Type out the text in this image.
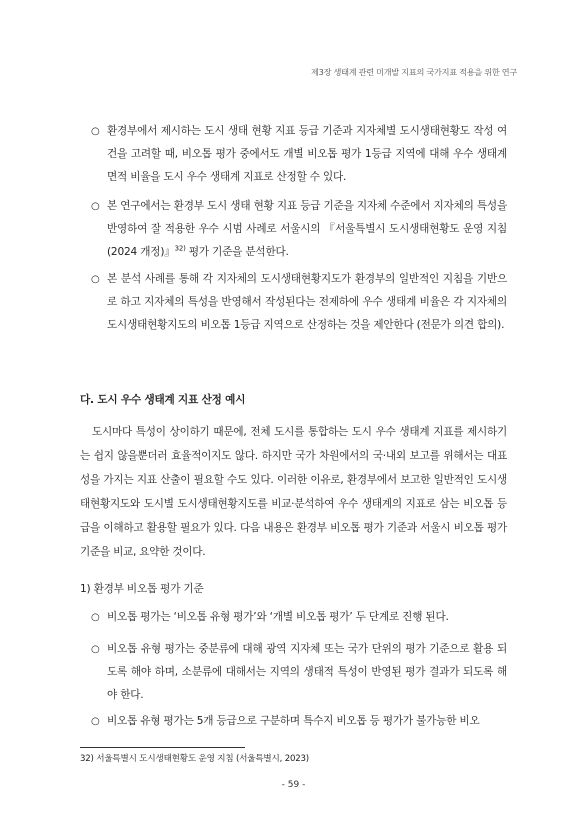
제3장 생태계 관련 미개발 지표의 국가지표 적용을 위한 연구
○ 환경부에서 제시하는 도시 생태 현황 지표 등급 기준과 지자체별 도시생태현황도 작성 여건을 고려할 때, 비오톱 평가 중에서도 개별 비오톱 평가 1등급 지역에 대해 우수 생태계 면적 비율을 도시 우수 생태계 지표로 산정할 수 있다.
○ 본 연구에서는 환경부 도시 생태 현황 지표 등급 기준을 지자체 수준에서 지자체의 특성을 반영하여 잘 적용한 우수 시범 사례로 서울시의 『서울특별시 도시생태현황도 운영 지침(2024 개정)』$^{32)}$ 평가 기준을 분석한다.
○ 본 분석 사례를 통해 각 지자체의 도시생태현황지도가 환경부의 일반적인 지침을 기반으로 하고 지자체의 특성을 반영해서 작성된다는 전제하에 우수 생태계 비율은 각 지자체의 도시생태현황지도의 비오톱 1등급 지역으로 산정하는 것을 제안한다 (전문가 의견 합의).
다. 도시 우수 생태계 지표 산정 예시

도시마다 특성이 상이하기 때문에, 전체 도시를 통합하는 도시 우수 생태계 지표를 제시하기는 쉽지 않을뿐더러 효율적이지도 않다. 하지만 국가 차원에서의 국·내외 보고를 위해서는 대표성을 가지는 지표 산출이 필요할 수도 있다. 이러한 이유로, 환경부에서 보고한 일반적인 도시생태현황지도와 도시별 도시생태현황지도를 비교·분석하여 우수 생태계의 지표로 삼는 비오톱 등급을 이해하고 활용할 필요가 있다. 다음 내용은 환경부 비오톱 평가 기준과 서울시 비오톱 평가 기준을 비교, 요약한 것이다.

1) 환경부 비오톱 평가 기준
○ 비오톱 평가는 ‘비오톱 유형 평가’와 ‘개별 비오톱 평가’ 두 단계로 진행 된다.
○ 비오톱 유형 평가는 중분류에 대해 광역 지자체 또는 국가 단위의 평가 기준으로 활용 되도록 해야 하며, 소분류에 대해서는 지역의 생태적 특성이 반영된 평가 결과가 되도록 해야 한다.
○ 비오톱 유형 평가는 5개 등급으로 구분하며 특수지 비오톱 등 평가가 불가능한 비오
32) 서울특별시 도시생태현황도 운영 지침 (서울특별시, 2023)
- 59 -
